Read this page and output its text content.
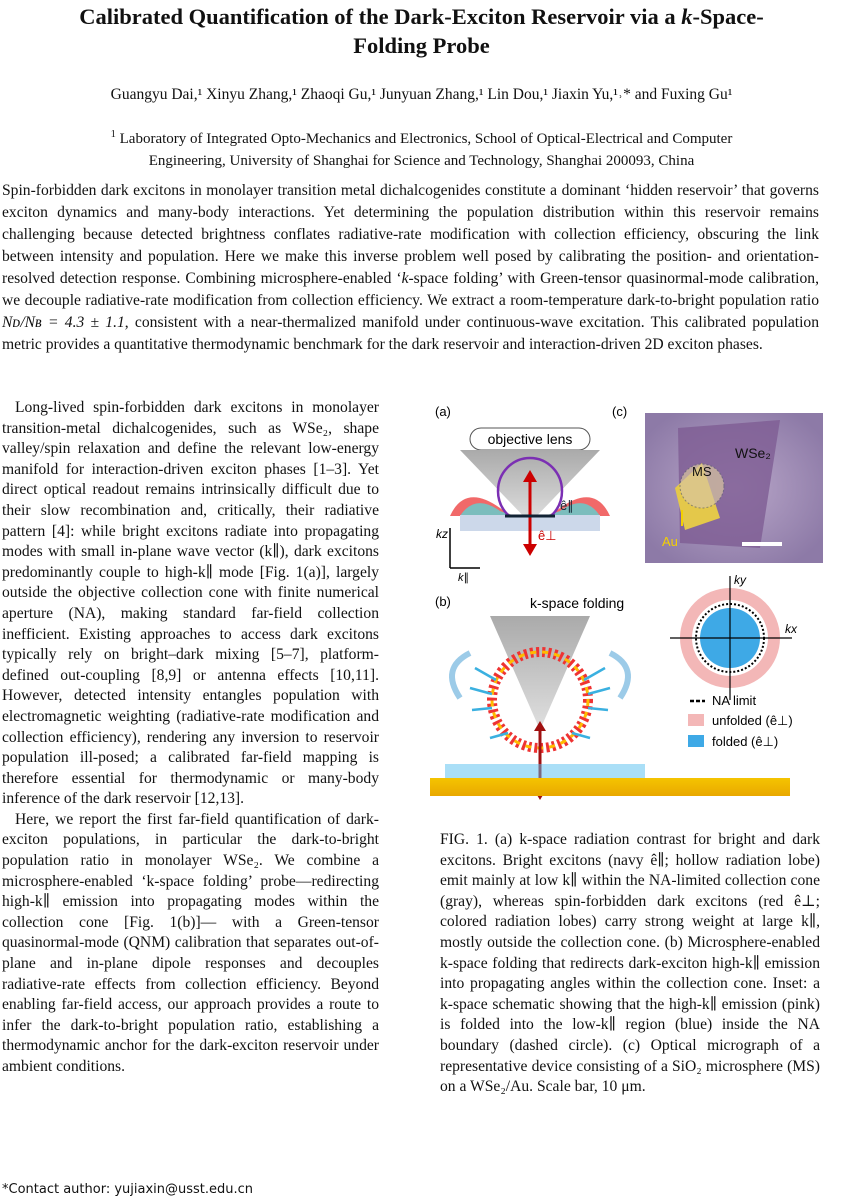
Calibrated Quantification of the Dark-Exciton Reservoir via a k-Space-
Folding Probe
Guangyu Dai,¹ Xinyu Zhang,¹ Zhaoqi Gu,¹ Junyuan Zhang,¹ Lin Dou,¹ Jiaxin Yu,¹˒* and Fuxing Gu¹
$^1$ Laboratory of Integrated Opto-Mechanics and Electronics, School of Optical-Electrical and Computer
Engineering, University of Shanghai for Science and Technology, Shanghai 200093, China
Spin-forbidden dark excitons in monolayer transition metal dichalcogenides constitute a dominant ‘hidden reservoir’ that governs exciton dynamics and many-body interactions. Yet determining the population distribution within this reservoir remains challenging because detected brightness conflates radiative-rate modification with collection efficiency, obscuring the link between intensity and population. Here we make this inverse problem well posed by calibrating the position- and orientation-resolved detection response. Combining microsphere-enabled ‘k-space folding’ with Green-tensor quasinormal-mode calibration, we decouple radiative-rate modification from collection efficiency. We extract a room-temperature dark-to-bright population ratio Nᴅ/Nʙ = 4.3 ± 1.1, consistent with a near-thermalized manifold under continuous-wave excitation. This calibrated population metric provides a quantitative thermodynamic benchmark for the dark reservoir and interaction-driven 2D exciton phases.

Long-lived spin-forbidden dark excitons in monolayer transition-metal dichalcogenides, such as WSe₂, shape valley/spin relaxation and define the relevant low-energy manifold for interaction-driven exciton phases [1–3]. Yet direct optical readout remains intrinsically difficult due to their slow recombination and, critically, their radiative pattern [4]: while bright excitons radiate into propagating modes with small in-plane wave vector (k∥), dark excitons predominantly couple to high-k∥ mode [Fig. 1(a)], largely outside the objective collection cone with finite numerical aperture (NA), making standard far-field collection inefficient. Existing approaches to access dark excitons typically rely on bright–dark mixing [5–7], platform-defined out-coupling [8,9] or antenna effects [10,11]. However, detected intensity entangles population with electromagnetic weighting (radiative-rate modification and collection efficiency), rendering any inversion to reservoir population ill-posed; a calibrated far-field mapping is therefore essential for thermodynamic or many-body inference of the dark reservoir [12,13].

Here, we report the first far-field quantification of dark-exciton populations, in particular the dark-to-bright population ratio in monolayer WSe₂. We combine a microsphere-enabled ‘k-space folding’ probe—redirecting high-k∥ emission into propagating modes within the collection cone [Fig. 1(b)]— with a Green-tensor quasinormal-mode (QNM) calibration that separates out-of-plane and in-plane dipole responses and decouples radiative-rate effects from collection efficiency. Beyond enabling far-field access, our approach provides a route to infer the dark-to-bright population ratio, establishing a thermodynamic anchor for the dark-exciton reservoir under ambient conditions.

(a)
objective lens
ê∥
ê⊥
kz
k∥
(c)
WSe₂
MS
Au
(b)	k-space folding
ky
kx
NA limit
unfolded (ê⊥)
folded (ê⊥)
FIG. 1. (a) k-space radiation contrast for bright and dark excitons. Bright excitons (navy ê∥; hollow radiation lobe) emit mainly at low k∥ within the NA-limited collection cone (gray), whereas spin-forbidden dark excitons (red ê⊥; colored radiation lobes) carry strong weight at large k∥, mostly outside the collection cone. (b) Microsphere-enabled k-space folding that redirects dark-exciton high-k∥ emission into propagating angles within the collection cone. Inset: a k-space schematic showing that the high-k∥ emission (pink) is folded into the low-k∥ region (blue) inside the NA boundary (dashed circle). (c) Optical micrograph of a representative device consisting of a SiO₂ microsphere (MS) on a WSe₂/Au. Scale bar, 10 μm.
*Contact author: yujiaxin@usst.edu.cn
